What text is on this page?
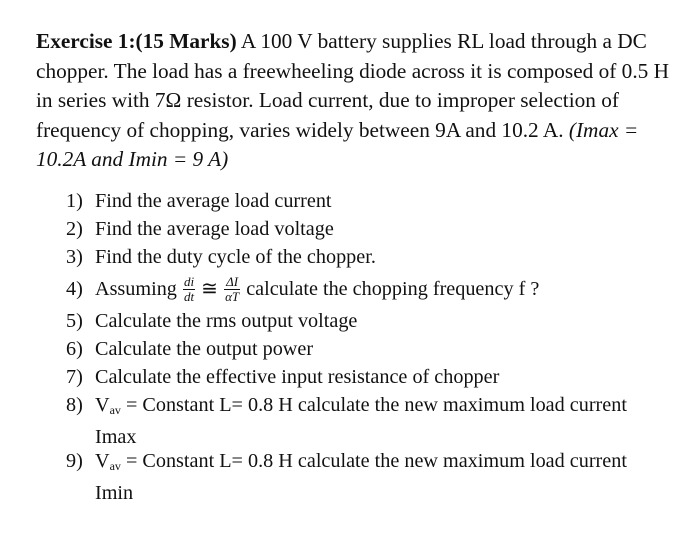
Exercise 1:(15 Marks) A 100 V battery supplies RL load through a DC chopper. The load has a freewheeling diode across it is composed of 0.5 H in series with 7Ω resistor. Load current, due to improper selection of frequency of chopping, varies widely between 9A and 10.2 A. (Imax = 10.2A and Imin = 9 A)
1) Find the average load current
2) Find the average load voltage
3) Find the duty cycle of the chopper.
4) Assuming $\frac{di}{dt}$ ≅ $\frac{\Delta I}{\alpha T}$ calculate the chopping frequency f ?
5) Calculate the rms output voltage
6) Calculate the output power
7) Calculate the effective input resistance of chopper
8) $V_{av}$ = Constant L= 0.8 H calculate the new maximum load current
Imax
9) $V_{av}$ = Constant L= 0.8 H calculate the new maximum load current
Imin
